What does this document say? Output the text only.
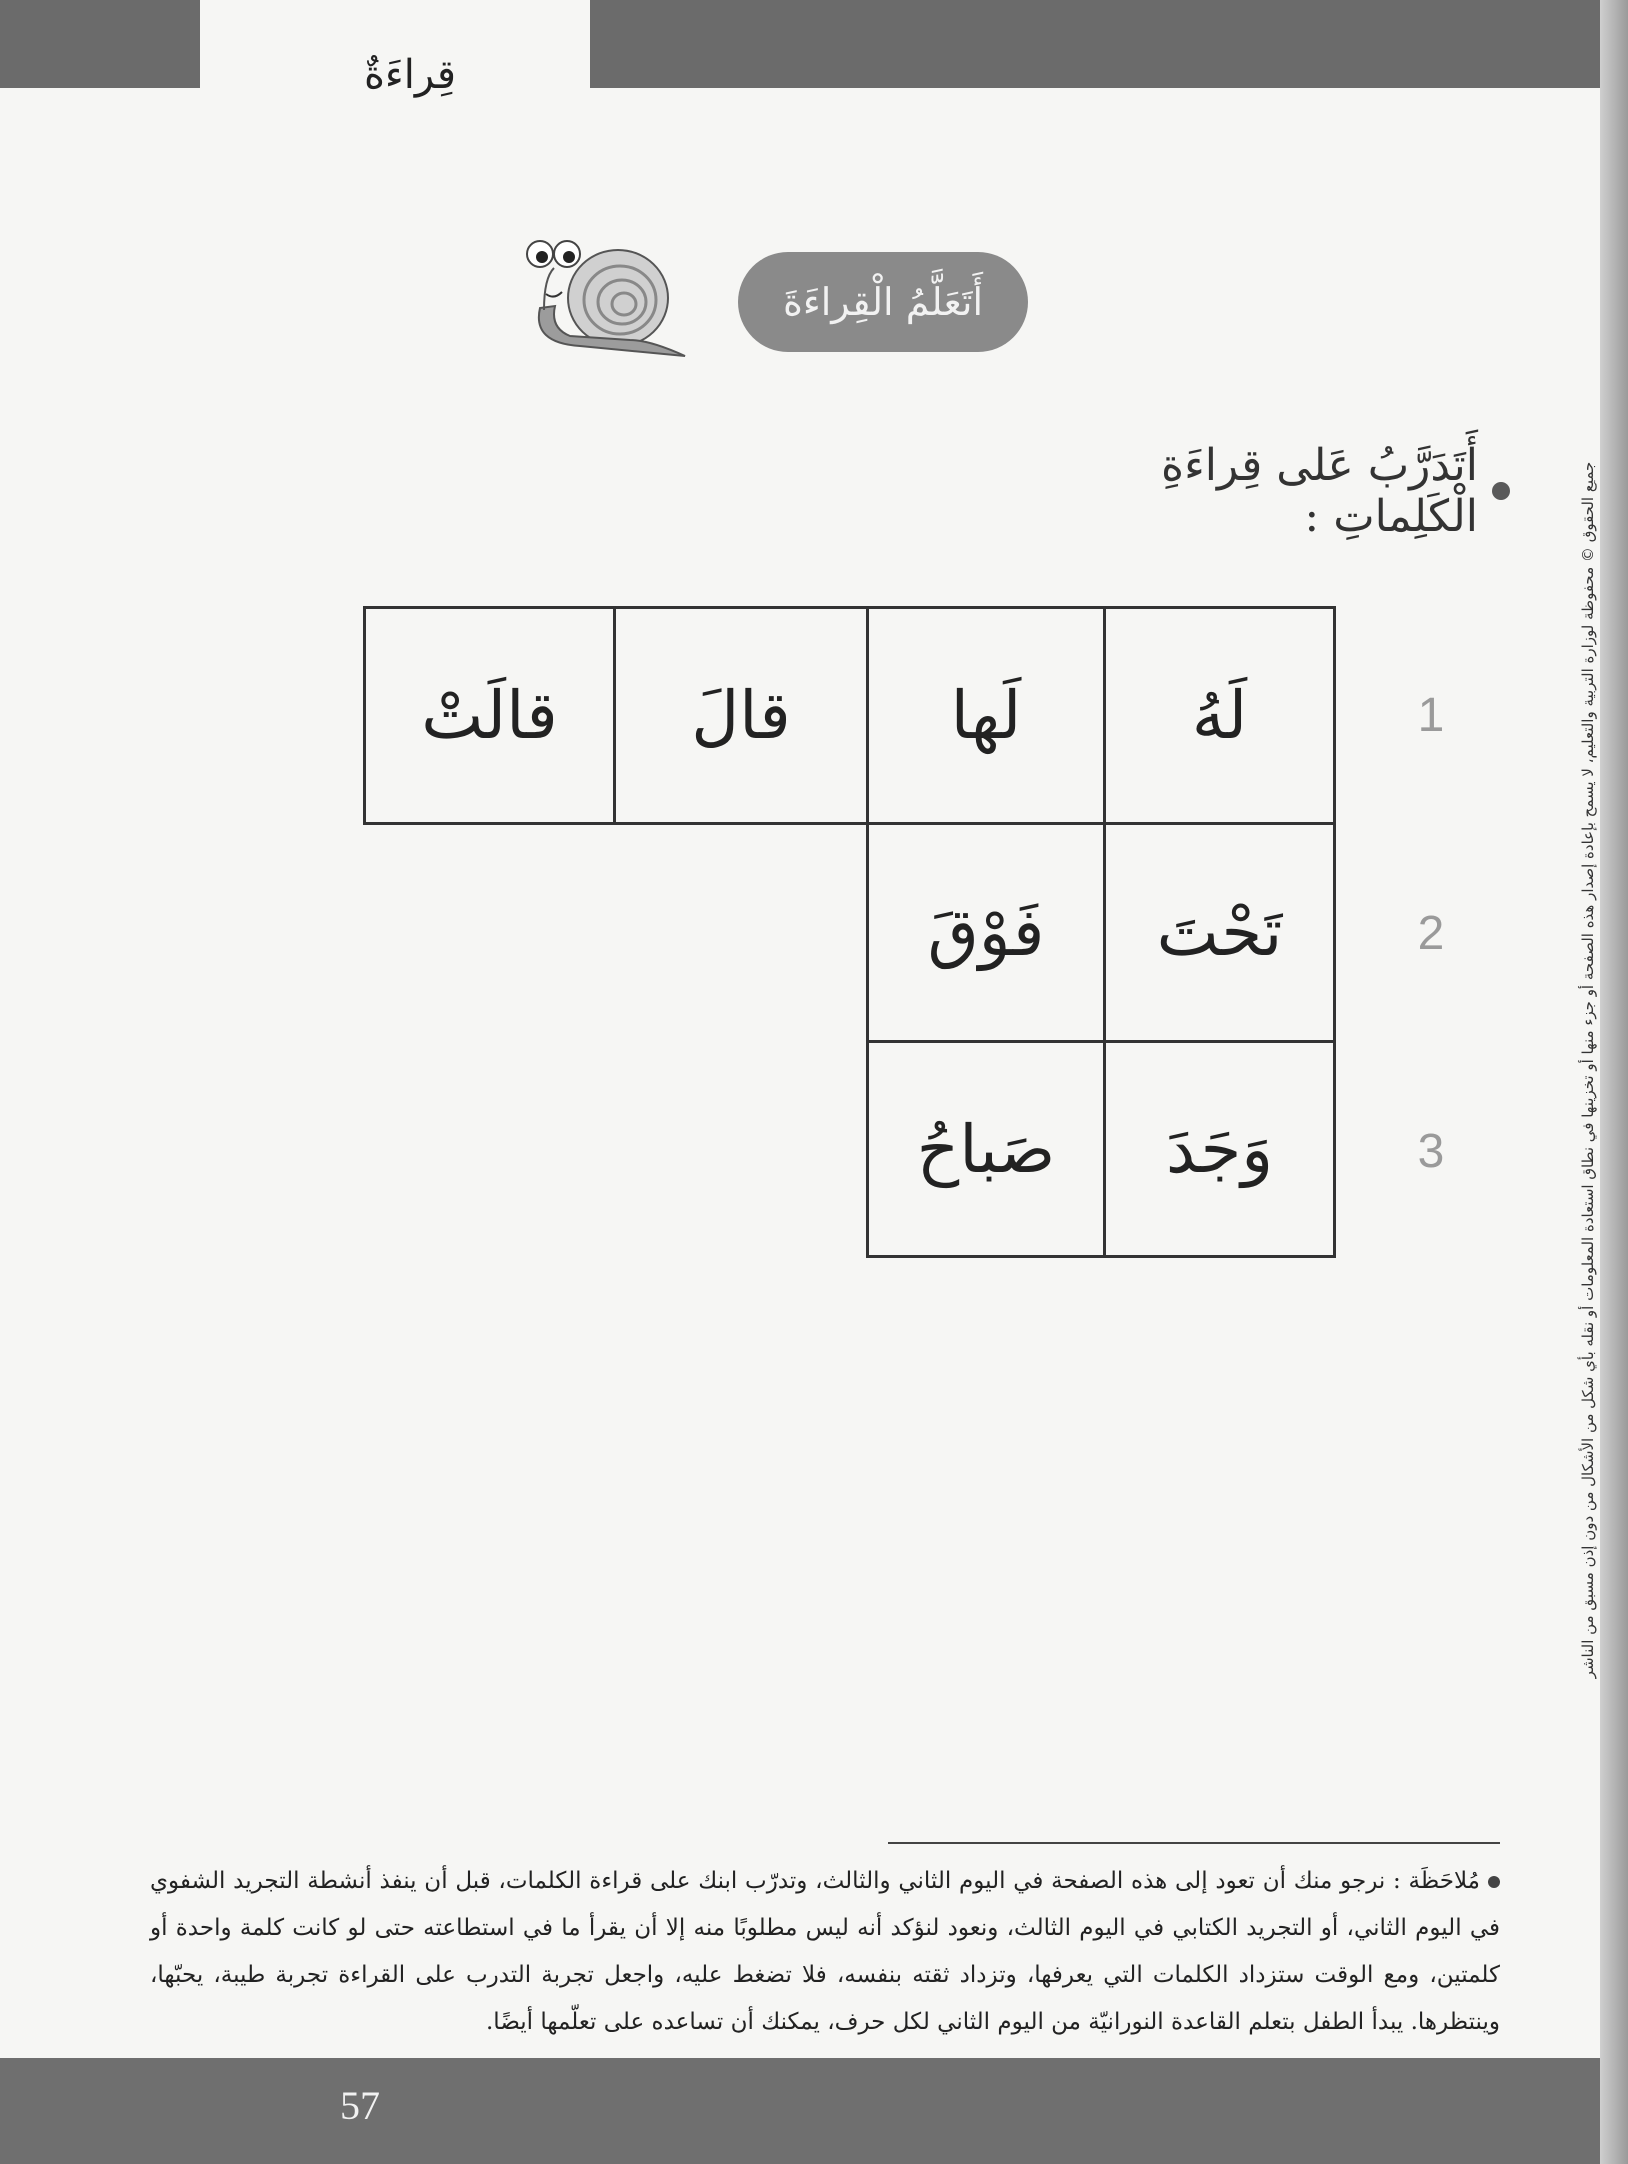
قِراءَةٌ
أَتَعَلَّمُ الْقِراءَةَ
أَتَدَرَّبُ عَلى قِراءَةِ الْكَلِماتِ :
لَهُ
لَها
قالَ
قالَتْ
تَحْتَ
فَوْقَ
وَجَدَ
صَباحُ
1
2
3	جميع الحقوق © محفوظة لوزارة التربية والتعليم، لا يسمح بإعادة إصدار هذه الصفحة أو جزء منها أو تخزينها في نطاق استعادة المعلومات أو نقله بأي شكل من الأشكال من دون إذن مسبق من الناشر
مُلاحَظَة : نرجو منك أن تعود إلى هذه الصفحة في اليوم الثاني والثالث، وتدرّب ابنك على قراءة الكلمات، قبل أن ينفذ أنشطة التجريد الشفوي في اليوم الثاني، أو التجريد الكتابي في اليوم الثالث، ونعود لنؤكد أنه ليس مطلوبًا منه إلا أن يقرأ ما في استطاعته حتى لو كانت كلمة واحدة أو كلمتين، ومع الوقت ستزداد الكلمات التي يعرفها، وتزداد ثقته بنفسه، فلا تضغط عليه، واجعل تجربة التدرب على القراءة تجربة طيبة، يحبّها، وينتظرها. يبدأ الطفل بتعلم القاعدة النورانيّة من اليوم الثاني لكل حرف، يمكنك أن تساعده على تعلّمها أيضًا.
57
